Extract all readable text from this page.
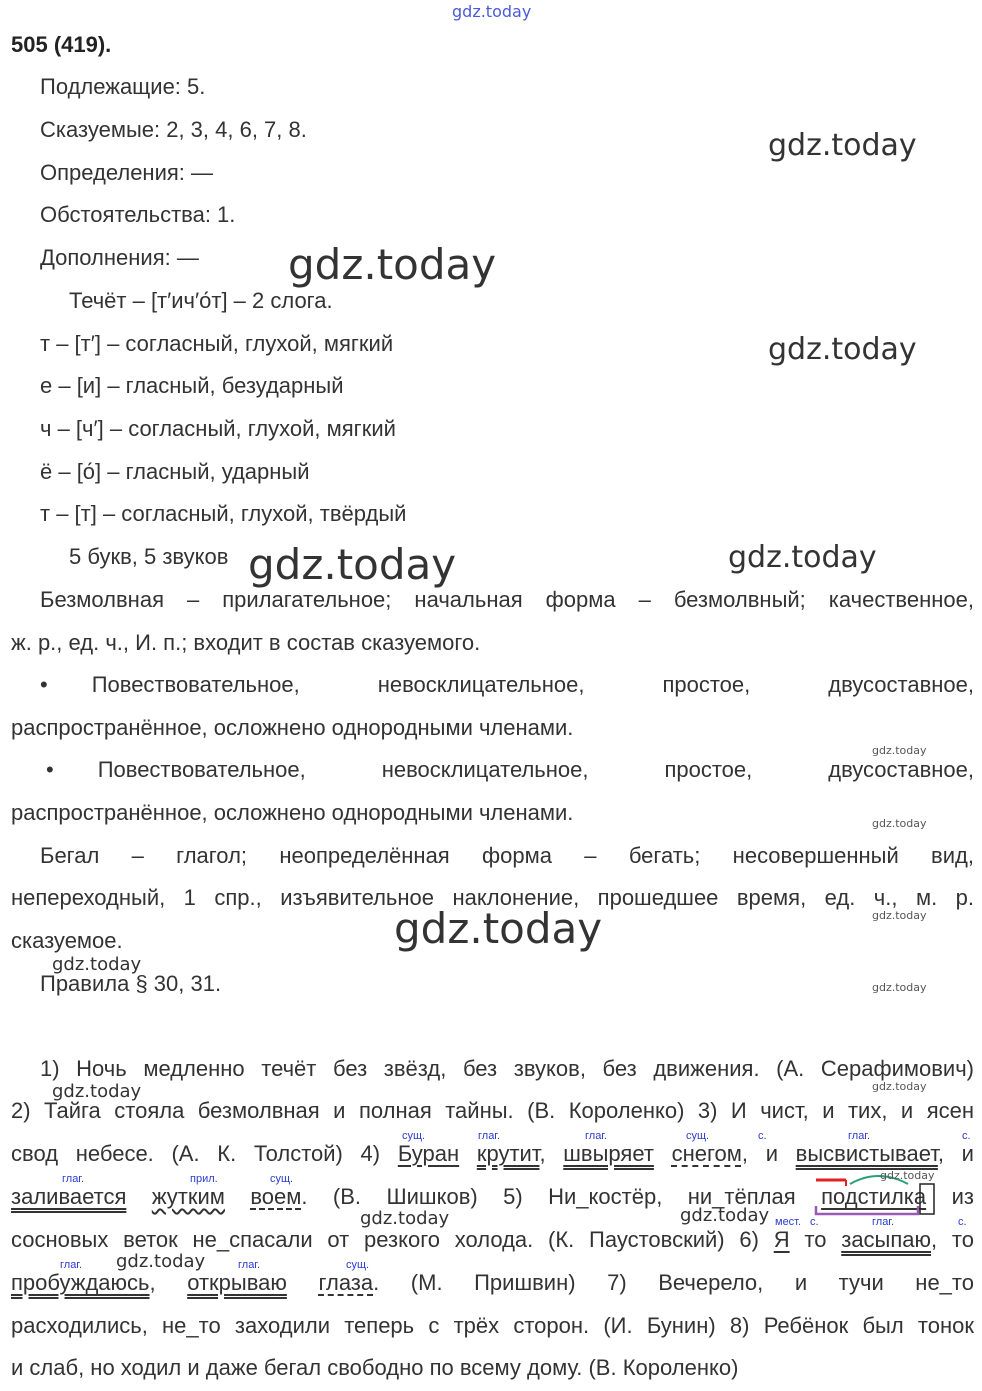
gdz.today
505 (419).
Подлежащие: 5.
Сказуемые: 2, 3, 4, 6, 7, 8.
Определения: —
Обстоятельства: 1.
Дополнения: —
Течёт – [т′ич′о́т] – 2 слога.
т – [т′] – согласный, глухой, мягкий
е – [и] – гласный, безударный
ч – [ч′] – согласный, глухой, мягкий
ё – [о́] – гласный, ударный
т – [т] – согласный, глухой, твёрдый
5 букв, 5 звуков
Безмолвная – прилагательное; начальная форма – безмолвный; качественное,
ж. р., ед. ч., И. п.; входит в состав сказуемого.
•  Повествовательное, невосклицательное, простое, двусоставное,
распространённое, осложнено однородными членами.
•  Повествовательное, невосклицательное, простое, двусоставное,
распространённое, осложнено однородными членами.
Бегал – глагол; неопределённая форма – бегать; несовершенный вид,
непереходный, 1 спр., изъявительное наклонение, прошедшее время, ед. ч., м. р.
сказуемое.
Правила § 30, 31.
1) Ночь медленно течёт без звёзд, без звуков, без движения. (А. Серафимович)
2) Тайга стояла безмолвная и полная тайны. (В. Короленко) 3) И чист, и тих, и ясен
свод небесе. (А. К. Толстой) 4) Буран крутит, швыряет снегом, и высвистывает, и
заливается жутким воем. (В. Шишков) 5) Ни_костёр, ни_тёплая подстилка из
сосновых веток не_спасали от резкого холода. (К. Паустовский) 6) Я то засыпаю, то
пробуждаюсь, открываю глаза. (М. Пришвин) 7) Вечерело, и тучи не_то
расходились, не_то заходили теперь с трёх сторон. (И. Бунин) 8) Ребёнок был тонок
и слаб, но ходил и даже бегал свободно по всему дому. (В. Короленко)
сущ.	глаг.	глаг.	сущ.	с.	глаг.	с.
глаг.	прил.	сущ.
мест. с.	глаг.	с.
глаг.	глаг.	сущ.
gdz.today
gdz.today
gdz.today
gdz.today	gdz.today
gdz.today
gdz.today
gdz.today
gdz.today	gdz.today
gdz.today
gdz.today
gdz.today
gdz.today
gdz.today
gdz.today
gdz.today
